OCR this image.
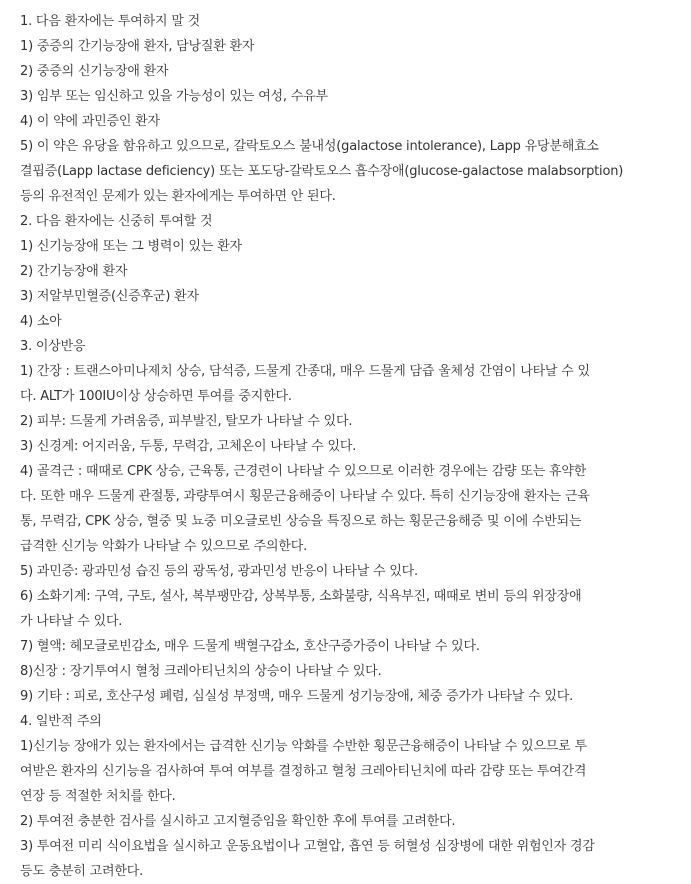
1. 다음 환자에는 투여하지 말 것
1) 중증의 간기능장애 환자, 담낭질환 환자
2) 중증의 신기능장애 환자
3) 임부 또는 임신하고 있을 가능성이 있는 여성, 수유부
4) 이 약에 과민증인 환자
5) 이 약은 유당을 함유하고 있으므로, 갈락토오스 불내성(galactose intolerance), Lapp 유당분해효소
결핍증(Lapp lactase deficiency) 또는 포도당-갈락토오스 흡수장애(glucose-galactose malabsorption)
등의 유전적인 문제가 있는 환자에게는 투여하면 안 된다.
2. 다음 환자에는 신중히 투여할 것
1) 신기능장애 또는 그 병력이 있는 환자
2) 간기능장애 환자
3) 저알부민혈증(신증후군) 환자
4) 소아
3. 이상반응
1) 간장 : 트랜스아미나제치 상승, 담석증, 드물게 간종대, 매우 드물게 담즙 울체성 간염이 나타날 수 있
다. ALT가 100IU이상 상승하면 투여를 중지한다.
2) 피부: 드물게 가려움증, 피부발진, 탈모가 나타날 수 있다.
3) 신경계: 어지러움, 두통, 무력감, 고체온이 나타날 수 있다.
4) 골격근 : 때때로 CPK 상승, 근육통, 근경련이 나타날 수 있으므로 이러한 경우에는 감량 또는 휴약한
다. 또한 매우 드물게 관절통, 과량투여시 횡문근융해증이 나타날 수 있다. 특히 신기능장애 환자는 근육
통, 무력감, CPK 상승, 혈중 및 뇨중 미오글로빈 상승을 특징으로 하는 횡문근융해증 및 이에 수반되는
급격한 신기능 악화가 나타날 수 있으므로 주의한다.
5) 과민증: 광과민성 습진 등의 광독성, 광과민성 반응이 나타날 수 있다.
6) 소화기계: 구역, 구토, 설사, 복부팽만감, 상복부통, 소화불량, 식욕부진, 때때로 변비 등의 위장장애
가 나타날 수 있다.
7) 혈액: 헤모글로빈감소, 매우 드물게 백혈구감소, 호산구증가증이 나타날 수 있다.
8)신장 : 장기투여시 혈청 크레아티닌치의 상승이 나타날 수 있다.
9) 기타 : 피로, 호산구성 폐렴, 심실성 부정맥, 매우 드물게 성기능장애, 체중 증가가 나타날 수 있다.
4. 일반적 주의
1)신기능 장애가 있는 환자에서는 급격한 신기능 악화를 수반한 횡문근융해증이 나타날 수 있으므로 투
여받은 환자의 신기능을 검사하여 투여 여부를 결정하고 혈청 크레아티닌치에 따라 감량 또는 투여간격
연장 등 적절한 처치를 한다.
2) 투여전 충분한 검사를 실시하고 고지혈증임을 확인한 후에 투여를 고려한다.
3) 투여전 미리 식이요법을 실시하고 운동요법이나 고혈압, 흡연 등 허혈성 심장병에 대한 위험인자 경감
등도 충분히 고려한다.
